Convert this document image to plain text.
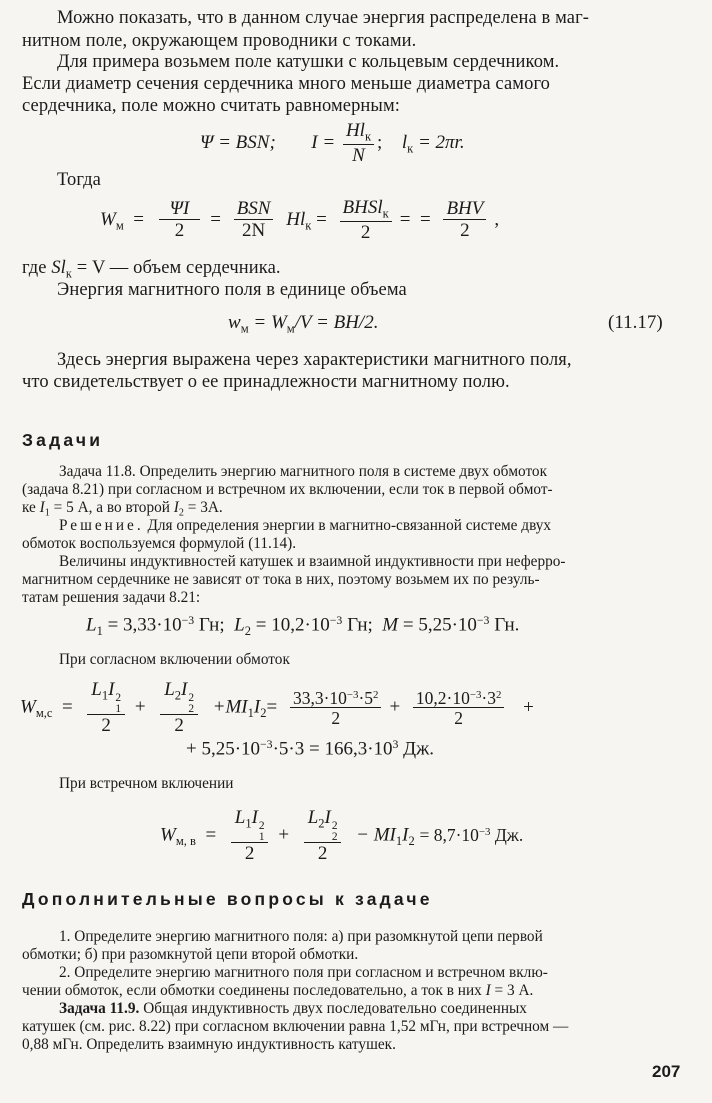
Можно показать, что в данном случае энергия распределена в маг-
нитном поле, окружающем проводники с токами.
Для примера возьмем поле катушки с кольцевым сердечником.
Если диаметр сечения сердечника много меньше диаметра самого
сердечника, поле можно считать равномерным:
Ψ = BSN; $I = \frac{Hl_к}{N}$ ;  $l_к = 2\pi r$.
Тогда
$W_м = \frac{\Psi I}{2} = \frac{\text{BSN}}{2N} Hl_к = \frac{BHSl_к}{2}$ =  = $\frac{\text{BHV}}{2}$ ,
где $Sl_к = V$ — объем сердечника.
Энергия магнитного поля в единице объема
$w_м = W_м/V = BH/2$.	(11.17)
Здесь энергия выражена через характеристики магнитного поля,
что свидетельствует о ее принадлежности магнитному полю.
Задачи
Задача 11.8. Определить энергию магнитного поля в системе двух обмоток
(задача 8.21) при согласном и встречном их включении, если ток в первой обмот-
ке $I_1 = 5$ А, а во второй $I_2 = 3А$.
Решение. Для определения энергии в магнитно-связанной системе двух
обмоток воспользуемся формулой (11.14).
Величины индуктивностей катушек и взаимной индуктивности при неферро-
магнитном сердечнике не зависят от тока в них, поэтому возьмем их по резуль-
татам решения задачи 8.21:
$L_1 = 3,33\cdot 10^{-3}$ Гн; $L_2 = 10,2\cdot 10^{-3}$ Гн; $M = 5,25\cdot 10^{-3}$ Гн.
При согласном включении обмоток
$W_{м,с} = L_1I$ 2
1
$2 + L_2I$ 2
2
$2 +MI_1I_2= \frac{33,3\cdot 10^{-3}\cdot 5^2}{2} + \frac{10,2\cdot 10^{-3}\cdot 3^2}{2}$ +
+ $5,25\cdot 10^{-3}\cdot 5\cdot 3 = 166,3\cdot 10^3$ Дж.
При встречном включении
$W_{м, в} = L_1I$ 2
1
$2 + L_2I$ 2
2
$2 - MI_1I_2 = 8,7\cdot 10^{-3}$ Дж.
Дополнительные вопросы к задаче
1. Определите энергию магнитного поля: а) при разомкнутой цепи первой
обмотки; б) при разомкнутой цепи второй обмотки.
2. Определите энергию магнитного поля при согласном и встречном вклю-
чении обмоток, если обмотки соединены последовательно, а ток в них I = 3 А.
Задача 11.9. Общая индуктивность двух последовательно соединенных
катушек (см. рис. 8.22) при согласном включении равна 1,52 мГн, при встречном —
0,88 мГн. Определить взаимную индуктивность катушек.
207
